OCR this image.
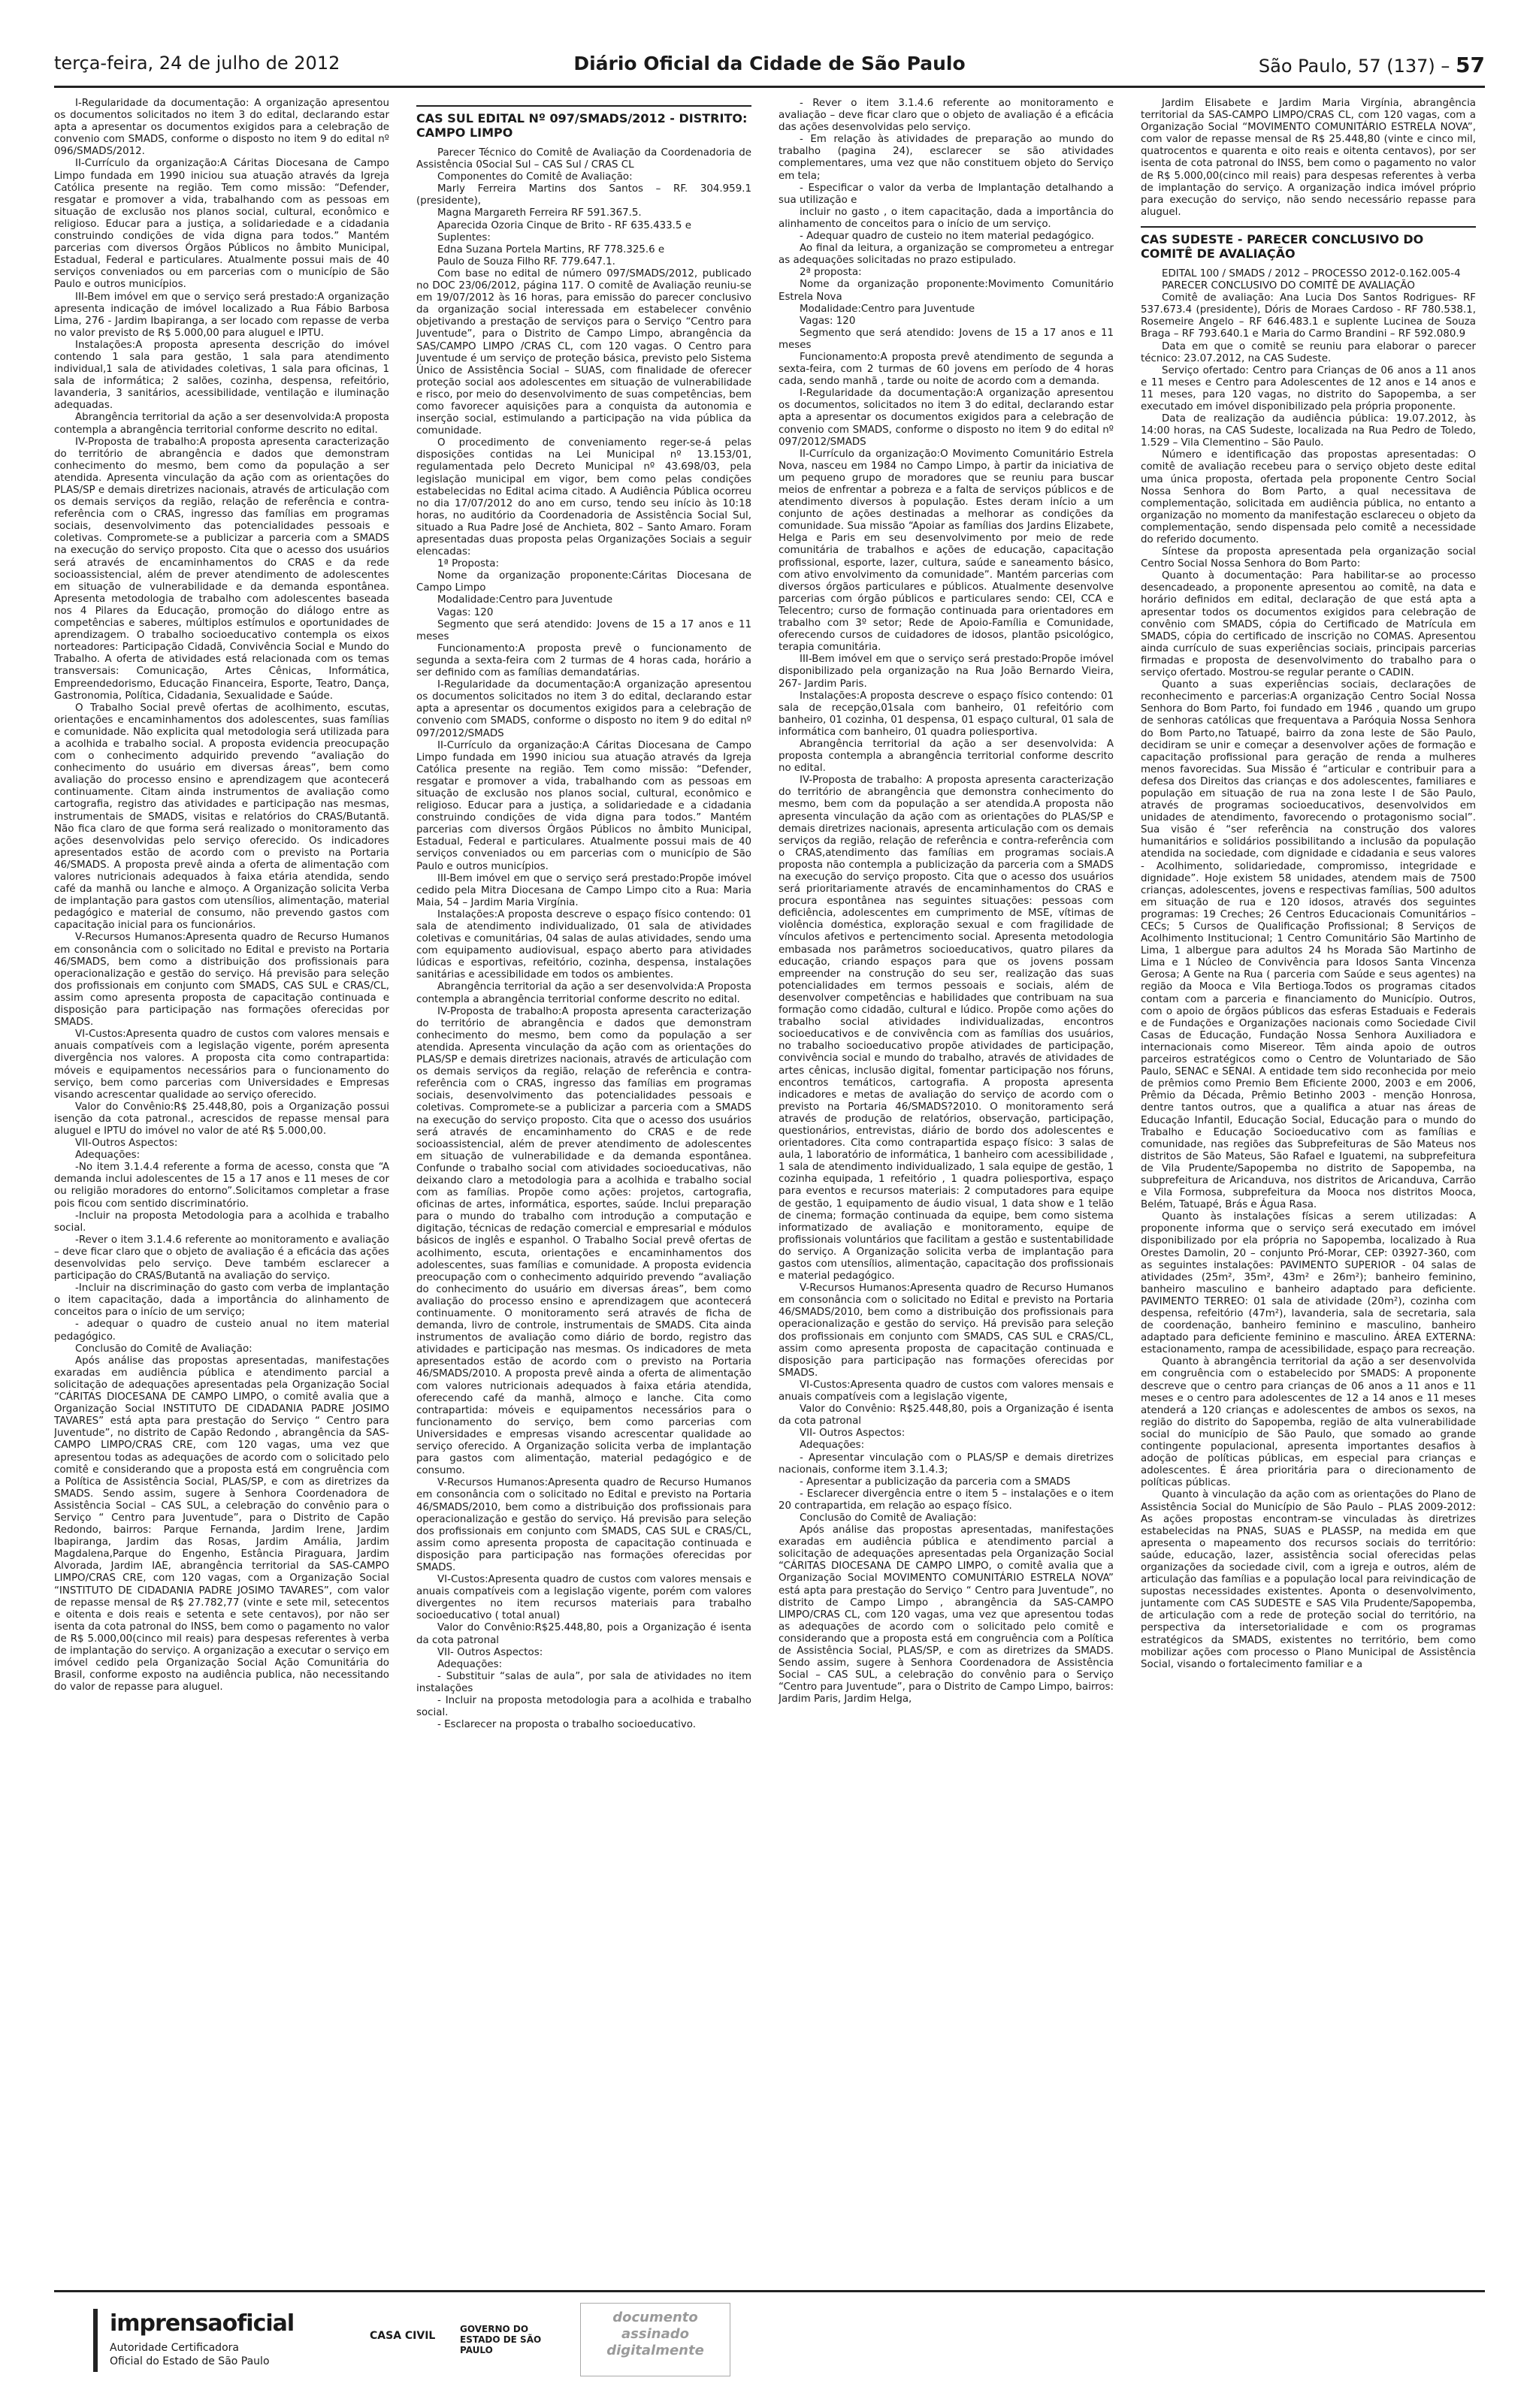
terça-feira, 24 de julho de 2012	Diário Oficial da Cidade de São Paulo	São Paulo, 57 (137) – 57

I-Regularidade da documentação: A organização apresentou os documentos solicitados no item 3 do edital, declarando estar apta a apresentar os documentos exigidos para a celebração de convenio com SMADS, conforme o disposto no item 9 do edital nº 096/SMADS/2012.

II-Currículo da organização:A Cáritas Diocesana de Campo Limpo fundada em 1990 iniciou sua atuação através da Igreja Católica presente na região. Tem como missão: “Defender, resgatar e promover a vida, trabalhando com as pessoas em situação de exclusão nos planos social, cultural, econômico e religioso. Educar para a justiça, a solidariedade e a cidadania construindo condições de vida digna para todos.” Mantém parcerias com diversos Órgãos Públicos no âmbito Municipal, Estadual, Federal e particulares. Atualmente possui mais de 40 serviços conveniados ou em parcerias com o município de São Paulo e outros municípios.

III-Bem imóvel em que o serviço será prestado:A organização apresenta indicação de imóvel localizado a Rua Fábio Barbosa Lima, 276 - Jardim Ibapiranga, a ser locado com repasse de verba no valor previsto de R$ 5.000,00 para aluguel e IPTU.

Instalações:A proposta apresenta descrição do imóvel contendo 1 sala para gestão, 1 sala para atendimento individual,1 sala de atividades coletivas, 1 sala para oficinas, 1 sala de informática; 2 salões, cozinha, despensa, refeitório, lavanderia, 3 sanitários, acessibilidade, ventilação e iluminação adequadas.

Abrangência territorial da ação a ser desenvolvida:A proposta contempla a abrangência territorial conforme descrito no edital.

IV-Proposta de trabalho:A proposta apresenta caracterização do território de abrangência e dados que demonstram conhecimento do mesmo, bem como da população a ser atendida. Apresenta vinculação da ação com as orientações do PLAS/SP e demais diretrizes nacionais, através de articulação com os demais serviços da região, relação de referência e contra-referência com o CRAS, ingresso das famílias em programas sociais, desenvolvimento das potencialidades pessoais e coletivas. Compromete-se a publicizar a parceria com a SMADS na execução do serviço proposto. Cita que o acesso dos usuários será através de encaminhamentos do CRAS e da rede socioassistencial, além de prever atendimento de adolescentes em situação de vulnerabilidade e da demanda espontânea. Apresenta metodologia de trabalho com adolescentes baseada nos 4 Pilares da Educação, promoção do diálogo entre as competências e saberes, múltiplos estímulos e oportunidades de aprendizagem. O trabalho socioeducativo contempla os eixos norteadores: Participação Cidadã, Convivência Social e Mundo do Trabalho. A oferta de atividades está relacionada com os temas transversais: Comunicação, Artes Cênicas, Informática, Empreendedorismo, Educação Financeira, Esporte, Teatro, Dança, Gastronomia, Política, Cidadania, Sexualidade e Saúde.

O Trabalho Social prevê ofertas de acolhimento, escutas, orientações e encaminhamentos dos adolescentes, suas famílias e comunidade. Não explicita qual metodologia será utilizada para a acolhida e trabalho social. A proposta evidencia preocupação com o conhecimento adquirido prevendo “avaliação do conhecimento do usuário em diversas áreas”, bem como avaliação do processo ensino e aprendizagem que acontecerá continuamente. Citam ainda instrumentos de avaliação como cartografia, registro das atividades e participação nas mesmas, instrumentais de SMADS, visitas e relatórios do CRAS/Butantã. Não fica claro de que forma será realizado o monitoramento das ações desenvolvidas pelo serviço oferecido. Os indicadores apresentados estão de acordo com o previsto na Portaria 46/SMADS. A proposta prevê ainda a oferta de alimentação com valores nutricionais adequados à faixa etária atendida, sendo café da manhã ou lanche e almoço. A Organização solicita Verba de implantação para gastos com utensílios, alimentação, material pedagógico e material de consumo, não prevendo gastos com capacitação inicial para os funcionários.

V-Recursos Humanos:Apresenta quadro de Recurso Humanos em consonância com o solicitado no Edital e previsto na Portaria 46/SMADS, bem como a distribuição dos profissionais para operacionalização e gestão do serviço. Há previsão para seleção dos profissionais em conjunto com SMADS, CAS SUL e CRAS/CL, assim como apresenta proposta de capacitação continuada e disposição para participação nas formações oferecidas por SMADS.

VI-Custos:Apresenta quadro de custos com valores mensais e anuais compatíveis com a legislação vigente, porém apresenta divergência nos valores. A proposta cita como contrapartida: móveis e equipamentos necessários para o funcionamento do serviço, bem como parcerias com Universidades e Empresas visando acrescentar qualidade ao serviço oferecido.

Valor do Convênio:R$ 25.448,80, pois a Organização possui isenção da cota patronal., acrescidos de repasse mensal para aluguel e IPTU do imóvel no valor de até R$ 5.000,00.

VII-Outros Aspectos:

Adequações:

-No item 3.1.4.4 referente a forma de acesso, consta que “A demanda inclui adolescentes de 15 a 17 anos e 11 meses de cor ou religião moradores do entorno”.Solicitamos completar a frase pois ficou com sentido discriminatório.

-Incluir na proposta Metodologia para a acolhida e trabalho social.

-Rever o item 3.1.4.6 referente ao monitoramento e avaliação – deve ficar claro que o objeto de avaliação é a eficácia das ações desenvolvidas pelo serviço. Deve também esclarecer a participação do CRAS/Butantã na avaliação do serviço.

-Incluir na discriminação do gasto com verba de implantação o item capacitação, dada a importância do alinhamento de conceitos para o início de um serviço;

- adequar o quadro de custeio anual no item material pedagógico.

Conclusão do Comitê de Avaliação:

Após análise das propostas apresentadas, manifestações exaradas em audiência pública e atendimento parcial a solicitação de adequações apresentadas pela Organização Social “CÁRITAS DIOCESANA DE CAMPO LIMPO, o comitê avalia que a Organização Social INSTITUTO DE CIDADANIA PADRE JOSIMO TAVARES” está apta para prestação do Serviço “ Centro para Juventude”, no distrito de Capão Redondo , abrangência da SAS-CAMPO LIMPO/CRAS CRE, com 120 vagas, uma vez que apresentou todas as adequações de acordo com o solicitado pelo comitê e considerando que a proposta está em congruência com a Política de Assistência Social, PLAS/SP, e com as diretrizes da SMADS. Sendo assim, sugere à Senhora Coordenadora de Assistência Social – CAS SUL, a celebração do convênio para o Serviço “ Centro para Juventude”, para o Distrito de Capão Redondo, bairros: Parque Fernanda, Jardim Irene, Jardim Ibapiranga, Jardim das Rosas, Jardim Amália, Jardim Magdalena,Parque do Engenho, Estância Piraguara, Jardim Alvorada, Jardim IAE, abrangência territorial da SAS-CAMPO LIMPO/CRAS CRE, com 120 vagas, com a Organização Social “INSTITUTO DE CIDADANIA PADRE JOSIMO TAVARES”, com valor de repasse mensal de R$ 27.782,77 (vinte e sete mil, setecentos e oitenta e dois reais e setenta e sete centavos), por não ser isenta da cota patronal do INSS, bem como o pagamento no valor de R$ 5.000,00(cinco mil reais) para despesas referentes à verba de implantação do serviço. A organização a executar o serviço em imóvel cedido pela Organização Social Ação Comunitária do Brasil, conforme exposto na audiência publica, não necessitando do valor de repasse para aluguel.

CAS SUL EDITAL Nº 097/SMADS/2012 - DISTRITO: CAMPO LIMPO

Parecer Técnico do Comitê de Avaliação da Coordenadoria de Assistência 0Social Sul – CAS Sul / CRAS CL

Componentes do Comitê de Avaliação:

Marly Ferreira Martins dos Santos – RF. 304.959.1 (presidente),

Magna Margareth Ferreira RF 591.367.5.

Aparecida Ozoria Cinque de Brito - RF 635.433.5 e

Suplentes:

Edna Suzana Portela Martins, RF 778.325.6 e

Paulo de Souza Filho RF. 779.647.1.

Com base no edital de número 097/SMADS/2012, publicado no DOC 23/06/2012, página 117. O comitê de Avaliação reuniu-se em 19/07/2012 às 16 horas, para emissão do parecer conclusivo da organização social interessada em estabelecer convênio objetivando a prestação de serviços para o Serviço “Centro para Juventude”, para o Distrito de Campo Limpo, abrangência da SAS/CAMPO LIMPO /CRAS CL, com 120 vagas. O Centro para Juventude é um serviço de proteção básica, previsto pelo Sistema Único de Assistência Social – SUAS, com finalidade de oferecer proteção social aos adolescentes em situação de vulnerabilidade e risco, por meio do desenvolvimento de suas competências, bem como favorecer aquisições para a conquista da autonomia e inserção social, estimulando a participação na vida pública da comunidade.

O procedimento de conveniamento reger-se-á pelas disposições contidas na Lei Municipal nº 13.153/01, regulamentada pelo Decreto Municipal nº 43.698/03, pela legislação municipal em vigor, bem como pelas condições estabelecidas no Edital acima citado. A Audiência Pública ocorreu no dia 17/07/2012 do ano em curso, tendo seu início às 10:18 horas, no auditório da Coordenadoria de Assistência Social Sul, situado a Rua Padre José de Anchieta, 802 – Santo Amaro. Foram apresentadas duas proposta pelas Organizações Sociais a seguir elencadas:

1ª Proposta:

Nome da organização proponente:Cáritas Diocesana de Campo Limpo

Modalidade:Centro para Juventude

Vagas: 120

Segmento que será atendido: Jovens de 15 a 17 anos e 11 meses

Funcionamento:A proposta prevê o funcionamento de segunda a sexta-feira com 2 turmas de 4 horas cada, horário a ser definido com as famílias demandatárias.

I-Regularidade da documentação:A organização apresentou os documentos solicitados no item 3 do edital, declarando estar apta a apresentar os documentos exigidos para a celebração de convenio com SMADS, conforme o disposto no item 9 do edital nº 097/2012/SMADS

II-Currículo da organização:A Cáritas Diocesana de Campo Limpo fundada em 1990 iniciou sua atuação através da Igreja Católica presente na região. Tem como missão: “Defender, resgatar e promover a vida, trabalhando com as pessoas em situação de exclusão nos planos social, cultural, econômico e religioso. Educar para a justiça, a solidariedade e a cidadania construindo condições de vida digna para todos.” Mantém parcerias com diversos Órgãos Públicos no âmbito Municipal, Estadual, Federal e particulares. Atualmente possui mais de 40 serviços conveniados ou em parcerias com o município de São Paulo e outros municípios.

III-Bem imóvel em que o serviço será prestado:Propõe imóvel cedido pela Mitra Diocesana de Campo Limpo cito a Rua: Maria Maia, 54 – Jardim Maria Virgínia.

Instalações:A proposta descreve o espaço físico contendo: 01 sala de atendimento individualizado, 01 sala de atividades coletivas e comunitárias, 04 salas de aulas atividades, sendo uma com equipamento audiovisual, espaço aberto para atividades lúdicas e esportivas, refeitório, cozinha, despensa, instalações sanitárias e acessibilidade em todos os ambientes.

Abrangência territorial da ação a ser desenvolvida:A Proposta contempla a abrangência territorial conforme descrito no edital.

IV-Proposta de trabalho:A proposta apresenta caracterização do território de abrangência e dados que demonstram conhecimento do mesmo, bem como da população a ser atendida. Apresenta vinculação da ação com as orientações do PLAS/SP e demais diretrizes nacionais, através de articulação com os demais serviços da região, relação de referência e contra-referência com o CRAS, ingresso das famílias em programas sociais, desenvolvimento das potencialidades pessoais e coletivas. Compromete-se a publicizar a parceria com a SMADS na execução do serviço proposto. Cita que o acesso dos usuários será através de encaminhamento do CRAS e de rede socioassistencial, além de prever atendimento de adolescentes em situação de vulnerabilidade e da demanda espontânea. Confunde o trabalho social com atividades socioeducativas, não deixando claro a metodologia para a acolhida e trabalho social com as famílias. Propõe como ações: projetos, cartografia, oficinas de artes, informática, esportes, saúde. Inclui preparação para o mundo do trabalho com introdução a computação e digitação, técnicas de redação comercial e empresarial e módulos básicos de inglês e espanhol. O Trabalho Social prevê ofertas de acolhimento, escuta, orientações e encaminhamentos dos adolescentes, suas famílias e comunidade. A proposta evidencia preocupação com o conhecimento adquirido prevendo “avaliação do conhecimento do usuário em diversas áreas”, bem como avaliação do processo ensino e aprendizagem que acontecerá continuamente. O monitoramento será através de ficha de demanda, livro de controle, instrumentais de SMADS. Cita ainda instrumentos de avaliação como diário de bordo, registro das atividades e participação nas mesmas. Os indicadores de meta apresentados estão de acordo com o previsto na Portaria 46/SMADS/2010. A proposta prevê ainda a oferta de alimentação com valores nutricionais adequados à faixa etária atendida, oferecendo café da manhã, almoço e lanche. Cita como contrapartida: móveis e equipamentos necessários para o funcionamento do serviço, bem como parcerias com Universidades e empresas visando acrescentar qualidade ao serviço oferecido. A Organização solicita verba de implantação para gastos com alimentação, material pedagógico e de consumo.

V-Recursos Humanos:Apresenta quadro de Recurso Humanos em consonância com o solicitado no Edital e previsto na Portaria 46/SMADS/2010, bem como a distribuição dos profissionais para operacionalização e gestão do serviço. Há previsão para seleção dos profissionais em conjunto com SMADS, CAS SUL e CRAS/CL, assim como apresenta proposta de capacitação continuada e disposição para participação nas formações oferecidas por SMADS.

VI-Custos:Apresenta quadro de custos com valores mensais e anuais compatíveis com a legislação vigente, porém com valores divergentes no item recursos materiais para trabalho socioeducativo ( total anual)

Valor do Convênio:R$25.448,80, pois a Organização é isenta da cota patronal

VII- Outros Aspectos:

Adequações:

- Substituir “salas de aula”, por sala de atividades no item instalações

- Incluir na proposta metodologia para a acolhida e trabalho social.

- Esclarecer na proposta o trabalho socioeducativo.

- Rever o item 3.1.4.6 referente ao monitoramento e avaliação – deve ficar claro que o objeto de avaliação é a eficácia das ações desenvolvidas pelo serviço.

- Em relação às atividades de preparação ao mundo do trabalho (pagina 24), esclarecer se são atividades complementares, uma vez que não constituem objeto do Serviço em tela;

- Especificar o valor da verba de Implantação detalhando a sua utilização e

incluir no gasto , o item capacitação, dada a importância do alinhamento de conceitos para o início de um serviço.

- Adequar quadro de custeio no item material pedagógico.

Ao final da leitura, a organização se comprometeu a entregar as adequações solicitadas no prazo estipulado.

2ª proposta:

Nome da organização proponente:Movimento Comunitário Estrela Nova

Modalidade:Centro para Juventude

Vagas: 120

Segmento que será atendido: Jovens de 15 a 17 anos e 11 meses

Funcionamento:A proposta prevê atendimento de segunda a sexta-feira, com 2 turmas de 60 jovens em período de 4 horas cada, sendo manhã , tarde ou noite de acordo com a demanda.

I-Regularidade da documentação:A organização apresentou os documentos, solicitados no item 3 do edital, declarando estar apta a apresentar os documentos exigidos para a celebração de convenio com SMADS, conforme o disposto no item 9 do edital nº 097/2012/SMADS

II-Currículo da organização:O Movimento Comunitário Estrela Nova, nasceu em 1984 no Campo Limpo, à partir da iniciativa de um pequeno grupo de moradores que se reuniu para buscar meios de enfrentar a pobreza e a falta de serviços públicos e de atendimento diversos à população. Estes deram início a um conjunto de ações destinadas a melhorar as condições da comunidade. Sua missão “Apoiar as famílias dos Jardins Elizabete, Helga e Paris em seu desenvolvimento por meio de rede comunitária de trabalhos e ações de educação, capacitação profissional, esporte, lazer, cultura, saúde e saneamento básico, com ativo envolvimento da comunidade”. Mantém parcerias com diversos órgãos particulares e públicos. Atualmente desenvolve parcerias com órgão públicos e particulares sendo: CEI, CCA e Telecentro; curso de formação continuada para orientadores em trabalho com 3º setor; Rede de Apoio-Família e Comunidade, oferecendo cursos de cuidadores de idosos, plantão psicológico, terapia comunitária.

III-Bem imóvel em que o serviço será prestado:Propõe imóvel disponibilizado pela organização na Rua João Bernardo Vieira, 267- Jardim Paris.

Instalações:A proposta descreve o espaço físico contendo: 01 sala de recepção,01sala com banheiro, 01 refeitório com banheiro, 01 cozinha, 01 despensa, 01 espaço cultural, 01 sala de informática com banheiro, 01 quadra poliesportiva.

Abrangência territorial da ação a ser desenvolvida: A proposta contempla a abrangência territorial conforme descrito no edital.

IV-Proposta de trabalho: A proposta apresenta caracterização do território de abrangência que demonstra conhecimento do mesmo, bem com da população a ser atendida.A proposta não apresenta vinculação da ação com as orientações do PLAS/SP e demais diretrizes nacionais, apresenta articulação com os demais serviços da região, relação de referência e contra-referência com o CRAS,atendimento das famílias em programas sociais.A proposta não contempla a publicização da parceria com a SMADS na execução do serviço proposto. Cita que o acesso dos usuários será prioritariamente através de encaminhamentos do CRAS e procura espontânea nas seguintes situações: pessoas com deficiência, adolescentes em cumprimento de MSE, vítimas de violência doméstica, exploração sexual e com fragilidade de vínculos afetivos e pertencimento social. Apresenta metodologia embasada nos parâmetros socioeducativos, quatro pilares da educação, criando espaços para que os jovens possam empreender na construção do seu ser, realização das suas potencialidades em termos pessoais e sociais, além de desenvolver competências e habilidades que contribuam na sua formação como cidadão, cultural e lúdico. Propõe como ações do trabalho social atividades individualizadas, encontros socioeducativos e de convivência com as famílias dos usuários, no trabalho socioeducativo propõe atividades de participação, convivência social e mundo do trabalho, através de atividades de artes cênicas, inclusão digital, fomentar participação nos fóruns, encontros temáticos, cartografia. A proposta apresenta indicadores e metas de avaliação do serviço de acordo com o previsto na Portaria 46/SMADS?2010. O monitoramento será através de produção de relatórios, observação, participação, questionários, entrevistas, diário de bordo dos adolescentes e orientadores. Cita como contrapartida espaço físico: 3 salas de aula, 1 laboratório de informática, 1 banheiro com acessibilidade , 1 sala de atendimento individualizado, 1 sala equipe de gestão, 1 cozinha equipada, 1 refeitório , 1 quadra poliesportiva, espaço para eventos e recursos materiais: 2 computadores para equipe de gestão, 1 equipamento de áudio visual, 1 data show e 1 telão de cinema; formação continuada da equipe, bem como sistema informatizado de avaliação e monitoramento, equipe de profissionais voluntários que facilitam a gestão e sustentabilidade do serviço. A Organização solicita verba de implantação para gastos com utensílios, alimentação, capacitação dos profissionais e material pedagógico.

V-Recursos Humanos:Apresenta quadro de Recurso Humanos em consonância com o solicitado no Edital e previsto na Portaria 46/SMADS/2010, bem como a distribuição dos profissionais para operacionalização e gestão do serviço. Há previsão para seleção dos profissionais em conjunto com SMADS, CAS SUL e CRAS/CL, assim como apresenta proposta de capacitação continuada e disposição para participação nas formações oferecidas por SMADS.

VI-Custos:Apresenta quadro de custos com valores mensais e anuais compatíveis com a legislação vigente,

Valor do Convênio: R$25.448,80, pois a Organização é isenta da cota patronal

VII- Outros Aspectos:

Adequações:

- Apresentar vinculação com o PLAS/SP e demais diretrizes nacionais, conforme item 3.1.4.3;

- Apresentar a publicização da parceria com a SMADS

- Esclarecer divergência entre o item 5 – instalações e o item 20 contrapartida, em relação ao espaço físico.

Conclusão do Comitê de Avaliação:

Após análise das propostas apresentadas, manifestações exaradas em audiência pública e atendimento parcial a solicitação de adequações apresentadas pela Organização Social “CÁRITAS DIOCESANA DE CAMPO LIMPO, o comitê avalia que a Organização Social MOVIMENTO COMUNITÁRIO ESTRELA NOVA” está apta para prestação do Serviço “ Centro para Juventude”, no distrito de Campo Limpo , abrangência da SAS-CAMPO LIMPO/CRAS CL, com 120 vagas, uma vez que apresentou todas as adequações de acordo com o solicitado pelo comitê e considerando que a proposta está em congruência com a Política de Assistência Social, PLAS/SP, e com as diretrizes da SMADS. Sendo assim, sugere à Senhora Coordenadora de Assistência Social – CAS SUL, a celebração do convênio para o Serviço “Centro para Juventude”, para o Distrito de Campo Limpo, bairros: Jardim Paris, Jardim Helga,

Jardim Elisabete e Jardim Maria Virgínia, abrangência territorial da SAS-CAMPO LIMPO/CRAS CL, com 120 vagas, com a Organização Social “MOVIMENTO COMUNITÁRIO ESTRELA NOVA”, com valor de repasse mensal de R$ 25.448,80 (vinte e cinco mil, quatrocentos e quarenta e oito reais e oitenta centavos), por ser isenta de cota patronal do INSS, bem como o pagamento no valor de R$ 5.000,00(cinco mil reais) para despesas referentes à verba de implantação do serviço. A organização indica imóvel próprio para execução do serviço, não sendo necessário repasse para aluguel.

CAS SUDESTE - PARECER CONCLUSIVO DO COMITÊ DE AVALIAÇÃO

EDITAL 100 / SMADS / 2012 – PROCESSO 2012-0.162.005-4

PARECER CONCLUSIVO DO COMITÊ DE AVALIAÇÃO

Comitê de avaliação: Ana Lucia Dos Santos Rodrigues- RF 537.673.4 (presidente), Dóris de Moraes Cardoso - RF 780.538.1, Rosemeire Angelo – RF 646.483.1 e suplente Lucinea de Souza Braga – RF 793.640.1 e Maria do Carmo Brandini – RF 592.080.9

Data em que o comitê se reuniu para elaborar o parecer técnico: 23.07.2012, na CAS Sudeste.

Serviço ofertado: Centro para Crianças de 06 anos a 11 anos e 11 meses e Centro para Adolescentes de 12 anos e 14 anos e 11 meses, para 120 vagas, no distrito do Sapopemba, a ser executado em imóvel disponibilizado pela própria proponente.

Data de realização da audiência pública: 19.07.2012, às 14:00 horas, na CAS Sudeste, localizada na Rua Pedro de Toledo, 1.529 – Vila Clementino – São Paulo.

Número e identificação das propostas apresentadas: O comitê de avaliação recebeu para o serviço objeto deste edital uma única proposta, ofertada pela proponente Centro Social Nossa Senhora do Bom Parto, a qual necessitava de complementação, solicitada em audiência pública, no entanto a organização no momento da manifestação esclareceu o objeto da complementação, sendo dispensada pelo comitê a necessidade do referido documento.

Síntese da proposta apresentada pela organização social Centro Social Nossa Senhora do Bom Parto:

Quanto à documentação: Para habilitar-se ao processo desencadeado, a proponente apresentou ao comitê, na data e horário definidos em edital, declaração de que está apta a apresentar todos os documentos exigidos para celebração de convênio com SMADS, cópia do Certificado de Matrícula em SMADS, cópia do certificado de inscrição no COMAS. Apresentou ainda currículo de suas experiências sociais, principais parcerias firmadas e proposta de desenvolvimento do trabalho para o serviço ofertado. Mostrou-se regular perante o CADIN.

Quanto a suas experiências sociais, declarações de reconhecimento e parcerias:A organização Centro Social Nossa Senhora do Bom Parto, foi fundado em 1946 , quando um grupo de senhoras católicas que frequentava a Paróquia Nossa Senhora do Bom Parto,no Tatuapé, bairro da zona leste de São Paulo, decidiram se unir e começar a desenvolver ações de formação e capacitação profissional para geração de renda a mulheres menos favorecidas. Sua Missão é “articular e contribuir para a defesa dos Direitos das crianças e dos adolescentes, familiares e população em situação de rua na zona leste I de São Paulo, através de programas socioeducativos, desenvolvidos em unidades de atendimento, favorecendo o protagonismo social”. Sua visão é “ser referência na construção dos valores humanitários e solidários possibilitando a inclusão da população atendida na sociedade, com dignidade e cidadania e seus valores - Acolhimento, solidariedade, compromisso, integridade e dignidade”. Hoje existem 58 unidades, atendem mais de 7500 crianças, adolescentes, jovens e respectivas famílias, 500 adultos em situação de rua e 120 idosos, através dos seguintes programas: 19 Creches; 26 Centros Educacionais Comunitários – CECs; 5 Cursos de Qualificação Profissional; 8 Serviços de Acolhimento Institucional; 1 Centro Comunitário São Martinho de Lima, 1 albergue para adultos 24 hs Morada São Martinho de Lima e 1 Núcleo de Convivência para Idosos Santa Vincenza Gerosa; A Gente na Rua ( parceria com Saúde e seus agentes) na região da Mooca e Vila Bertioga.Todos os programas citados contam com a parceria e financiamento do Município. Outros, com o apoio de órgãos públicos das esferas Estaduais e Federais e de Fundações e Organizações nacionais como Sociedade Civil Casas de Educação, Fundação Nossa Senhora Auxiliadora e internacionais como Misereor. Têm ainda apoio de outros parceiros estratégicos como o Centro de Voluntariado de São Paulo, SENAC e SENAI. A entidade tem sido reconhecida por meio de prêmios como Premio Bem Eficiente 2000, 2003 e em 2006, Prêmio da Década, Prêmio Betinho 2003 - menção Honrosa, dentre tantos outros, que a qualifica a atuar nas áreas de Educação Infantil, Educação Social, Educação para o mundo do Trabalho e Educação Socioeducativo com as famílias e comunidade, nas regiões das Subprefeituras de São Mateus nos distritos de São Mateus, São Rafael e Iguatemi, na subprefeitura de Vila Prudente/Sapopemba no distrito de Sapopemba, na subprefeitura de Aricanduva, nos distritos de Aricanduva, Carrão e Vila Formosa, subprefeitura da Mooca nos distritos Mooca, Belém, Tatuapé, Brás e Água Rasa.

Quanto às instalações físicas a serem utilizadas: A proponente informa que o serviço será executado em imóvel disponibilizado por ela própria no Sapopemba, localizado à Rua Orestes Damolin, 20 – conjunto Pró-Morar, CEP: 03927-360, com as seguintes instalações: PAVIMENTO SUPERIOR - 04 salas de atividades (25m², 35m², 43m² e 26m²); banheiro feminino, banheiro masculino e banheiro adaptado para deficiente. PAVIMENTO TERREO: 01 sala de atividade (20m²), cozinha com despensa, refeitório (47m²), lavanderia, sala de secretaria, sala de coordenação, banheiro feminino e masculino, banheiro adaptado para deficiente feminino e masculino. ÁREA EXTERNA: estacionamento, rampa de acessibilidade, espaço para recreação.

Quanto à abrangência territorial da ação a ser desenvolvida em congruência com o estabelecido por SMADS: A proponente descreve que o centro para crianças de 06 anos a 11 anos e 11 meses e o centro para adolescentes de 12 a 14 anos e 11 meses atenderá a 120 crianças e adolescentes de ambos os sexos, na região do distrito do Sapopemba, região de alta vulnerabilidade social do município de São Paulo, que somado ao grande contingente populacional, apresenta importantes desafios à adoção de políticas públicas, em especial para crianças e adolescentes. É área prioritária para o direcionamento de políticas públicas.

Quanto à vinculação da ação com as orientações do Plano de Assistência Social do Município de São Paulo – PLAS 2009-2012: As ações propostas encontram-se vinculadas às diretrizes estabelecidas na PNAS, SUAS e PLASSP, na medida em que apresenta o mapeamento dos recursos sociais do território: saúde, educação, lazer, assistência social oferecidas pelas organizações da sociedade civil, com a igreja e outros, além de articulação das famílias e a população local para reivindicação de supostas necessidades existentes. Aponta o desenvolvimento, juntamente com CAS SUDESTE e SAS Vila Prudente/Sapopemba, de articulação com a rede de proteção social do território, na perspectiva da intersetorialidade e com os programas estratégicos da SMADS, existentes no território, bem como mobilizar ações com processo o Plano Municipal de Assistência Social, visando o fortalecimento familiar e a

imprensaoficial
Autoridade Certificadora
Oficial do Estado de São Paulo
CASA CIVIL
GOVERNO DO ESTADO DE SÃO PAULO
documento assinado digitalmente
